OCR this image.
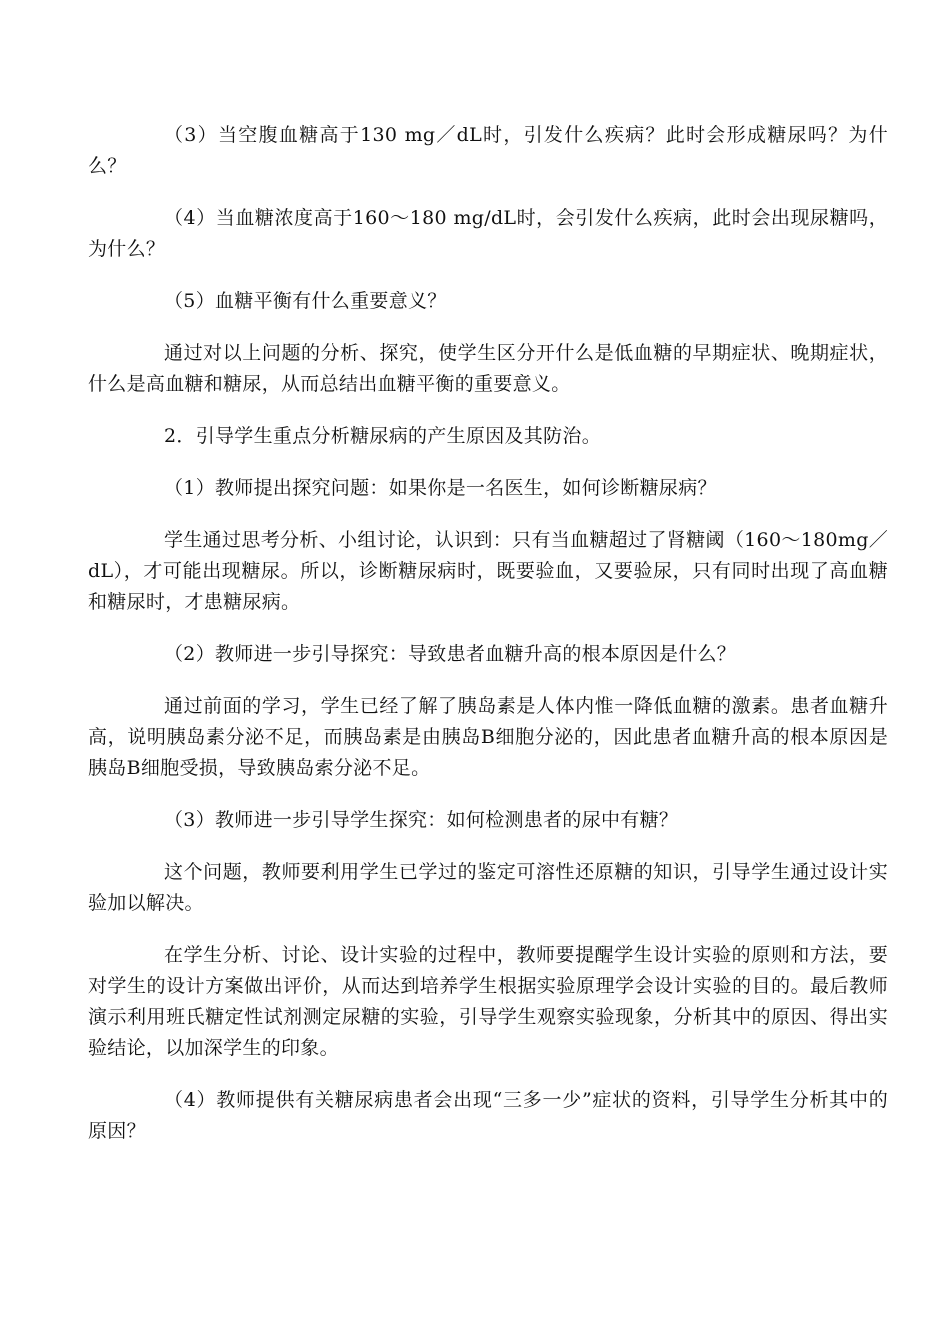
（3）当空腹血糖高于130 mg／dL时，引发什么疾病？此时会形成糖尿吗？为什么？

（4）当血糖浓度高于160～180 mg/dL时，会引发什么疾病，此时会出现尿糖吗，为什么？

（5）血糖平衡有什么重要意义？

通过对以上问题的分析、探究，使学生区分开什么是低血糖的早期症状、晚期症状，什么是高血糖和糖尿，从而总结出血糖平衡的重要意义。

2．引导学生重点分析糖尿病的产生原因及其防治。

（1）教师提出探究问题：如果你是一名医生，如何诊断糖尿病？

学生通过思考分析、小组讨论，认识到：只有当血糖超过了肾糖阈（160～180mg／dL），才可能出现糖尿。所以，诊断糖尿病时，既要验血，又要验尿，只有同时出现了高血糖和糖尿时，才患糖尿病。

（2）教师进一步引导探究：导致患者血糖升高的根本原因是什么？

通过前面的学习，学生已经了解了胰岛素是人体内惟一降低血糖的激素。患者血糖升高，说明胰岛素分泌不足，而胰岛素是由胰岛B细胞分泌的，因此患者血糖升高的根本原因是胰岛B细胞受损，导致胰岛索分泌不足。

（3）教师进一步引导学生探究：如何检测患者的尿中有糖？

这个问题，教师要利用学生已学过的鉴定可溶性还原糖的知识，引导学生通过设计实验加以解决。

在学生分析、讨论、设计实验的过程中，教师要提醒学生设计实验的原则和方法，要对学生的设计方案做出评价，从而达到培养学生根据实验原理学会设计实验的目的。最后教师演示利用班氏糖定性试剂测定尿糖的实验，引导学生观察实验现象，分析其中的原因、得出实验结论，以加深学生的印象。

（4）教师提供有关糖尿病患者会出现“三多一少”症状的资料，引导学生分析其中的原因？
